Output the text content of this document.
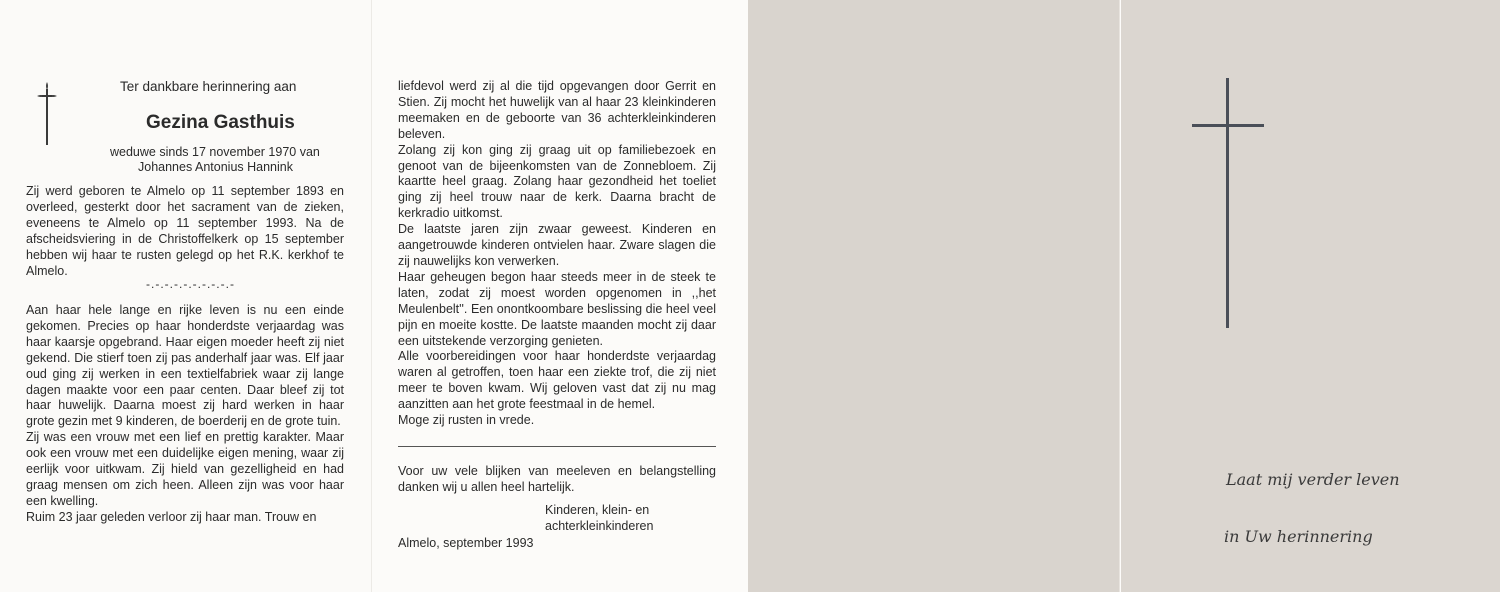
Ter dankbare herinnering aan
Gezina Gasthuis
weduwe sinds 17 november 1970 van
Johannes Antonius Hannink
Zij werd geboren te Almelo op 11 september 1893 en overleed, gesterkt door het sacrament van de zieken, eveneens te Almelo op 11 september 1993. Na de afscheidsviering in de Christoffelkerk op 15 september hebben wij haar te rusten gelegd op het R.K. kerkhof te Almelo.
-.-.-.-.-.-.-.-.-.-

Aan haar hele lange en rijke leven is nu een einde gekomen. Precies op haar honderdste verjaardag was haar kaarsje opgebrand. Haar eigen moeder heeft zij niet gekend. Die stierf toen zij pas anderhalf jaar was. Elf jaar oud ging zij werken in een textielfabriek waar zij lange dagen maakte voor een paar centen. Daar bleef zij tot haar huwelijk. Daarna moest zij hard werken in haar grote gezin met 9 kinderen, de boerderij en de grote tuin.

Zij was een vrouw met een lief en prettig karakter. Maar ook een vrouw met een duidelijke eigen mening, waar zij eerlijk voor uitkwam. Zij hield van gezelligheid en had graag mensen om zich heen. Alleen zijn was voor haar een kwelling.

Ruim 23 jaar geleden verloor zij haar man. Trouw en

liefdevol werd zij al die tijd opgevangen door Gerrit en Stien. Zij mocht het huwelijk van al haar 23 kleinkinderen meemaken en de geboorte van 36 achterkleinkinderen beleven.

Zolang zij kon ging zij graag uit op familiebezoek en genoot van de bijeenkomsten van de Zonnebloem. Zij kaartte heel graag. Zolang haar gezondheid het toeliet ging zij heel trouw naar de kerk. Daarna bracht de kerkradio uitkomst.

De laatste jaren zijn zwaar geweest. Kinderen en aangetrouwde kinderen ontvielen haar. Zware slagen die zij nauwelijks kon verwerken.

Haar geheugen begon haar steeds meer in de steek te laten, zodat zij moest worden opgenomen in ,,het Meulenbelt''. Een onontkoombare beslissing die heel veel pijn en moeite kostte. De laatste maanden mocht zij daar een uitstekende verzorging genieten.

Alle voorbereidingen voor haar honderdste verjaardag waren al getroffen, toen haar een ziekte trof, die zij niet meer te boven kwam. Wij geloven vast dat zij nu mag aanzitten aan het grote feestmaal in de hemel.

Moge zij rusten in vrede.

Voor uw vele blijken van meeleven en belangstelling danken wij u allen heel hartelijk.
Kinderen, klein- en
achterkleinkinderen
Almelo, september 1993
Laat mij verder leven
in Uw herinnering
